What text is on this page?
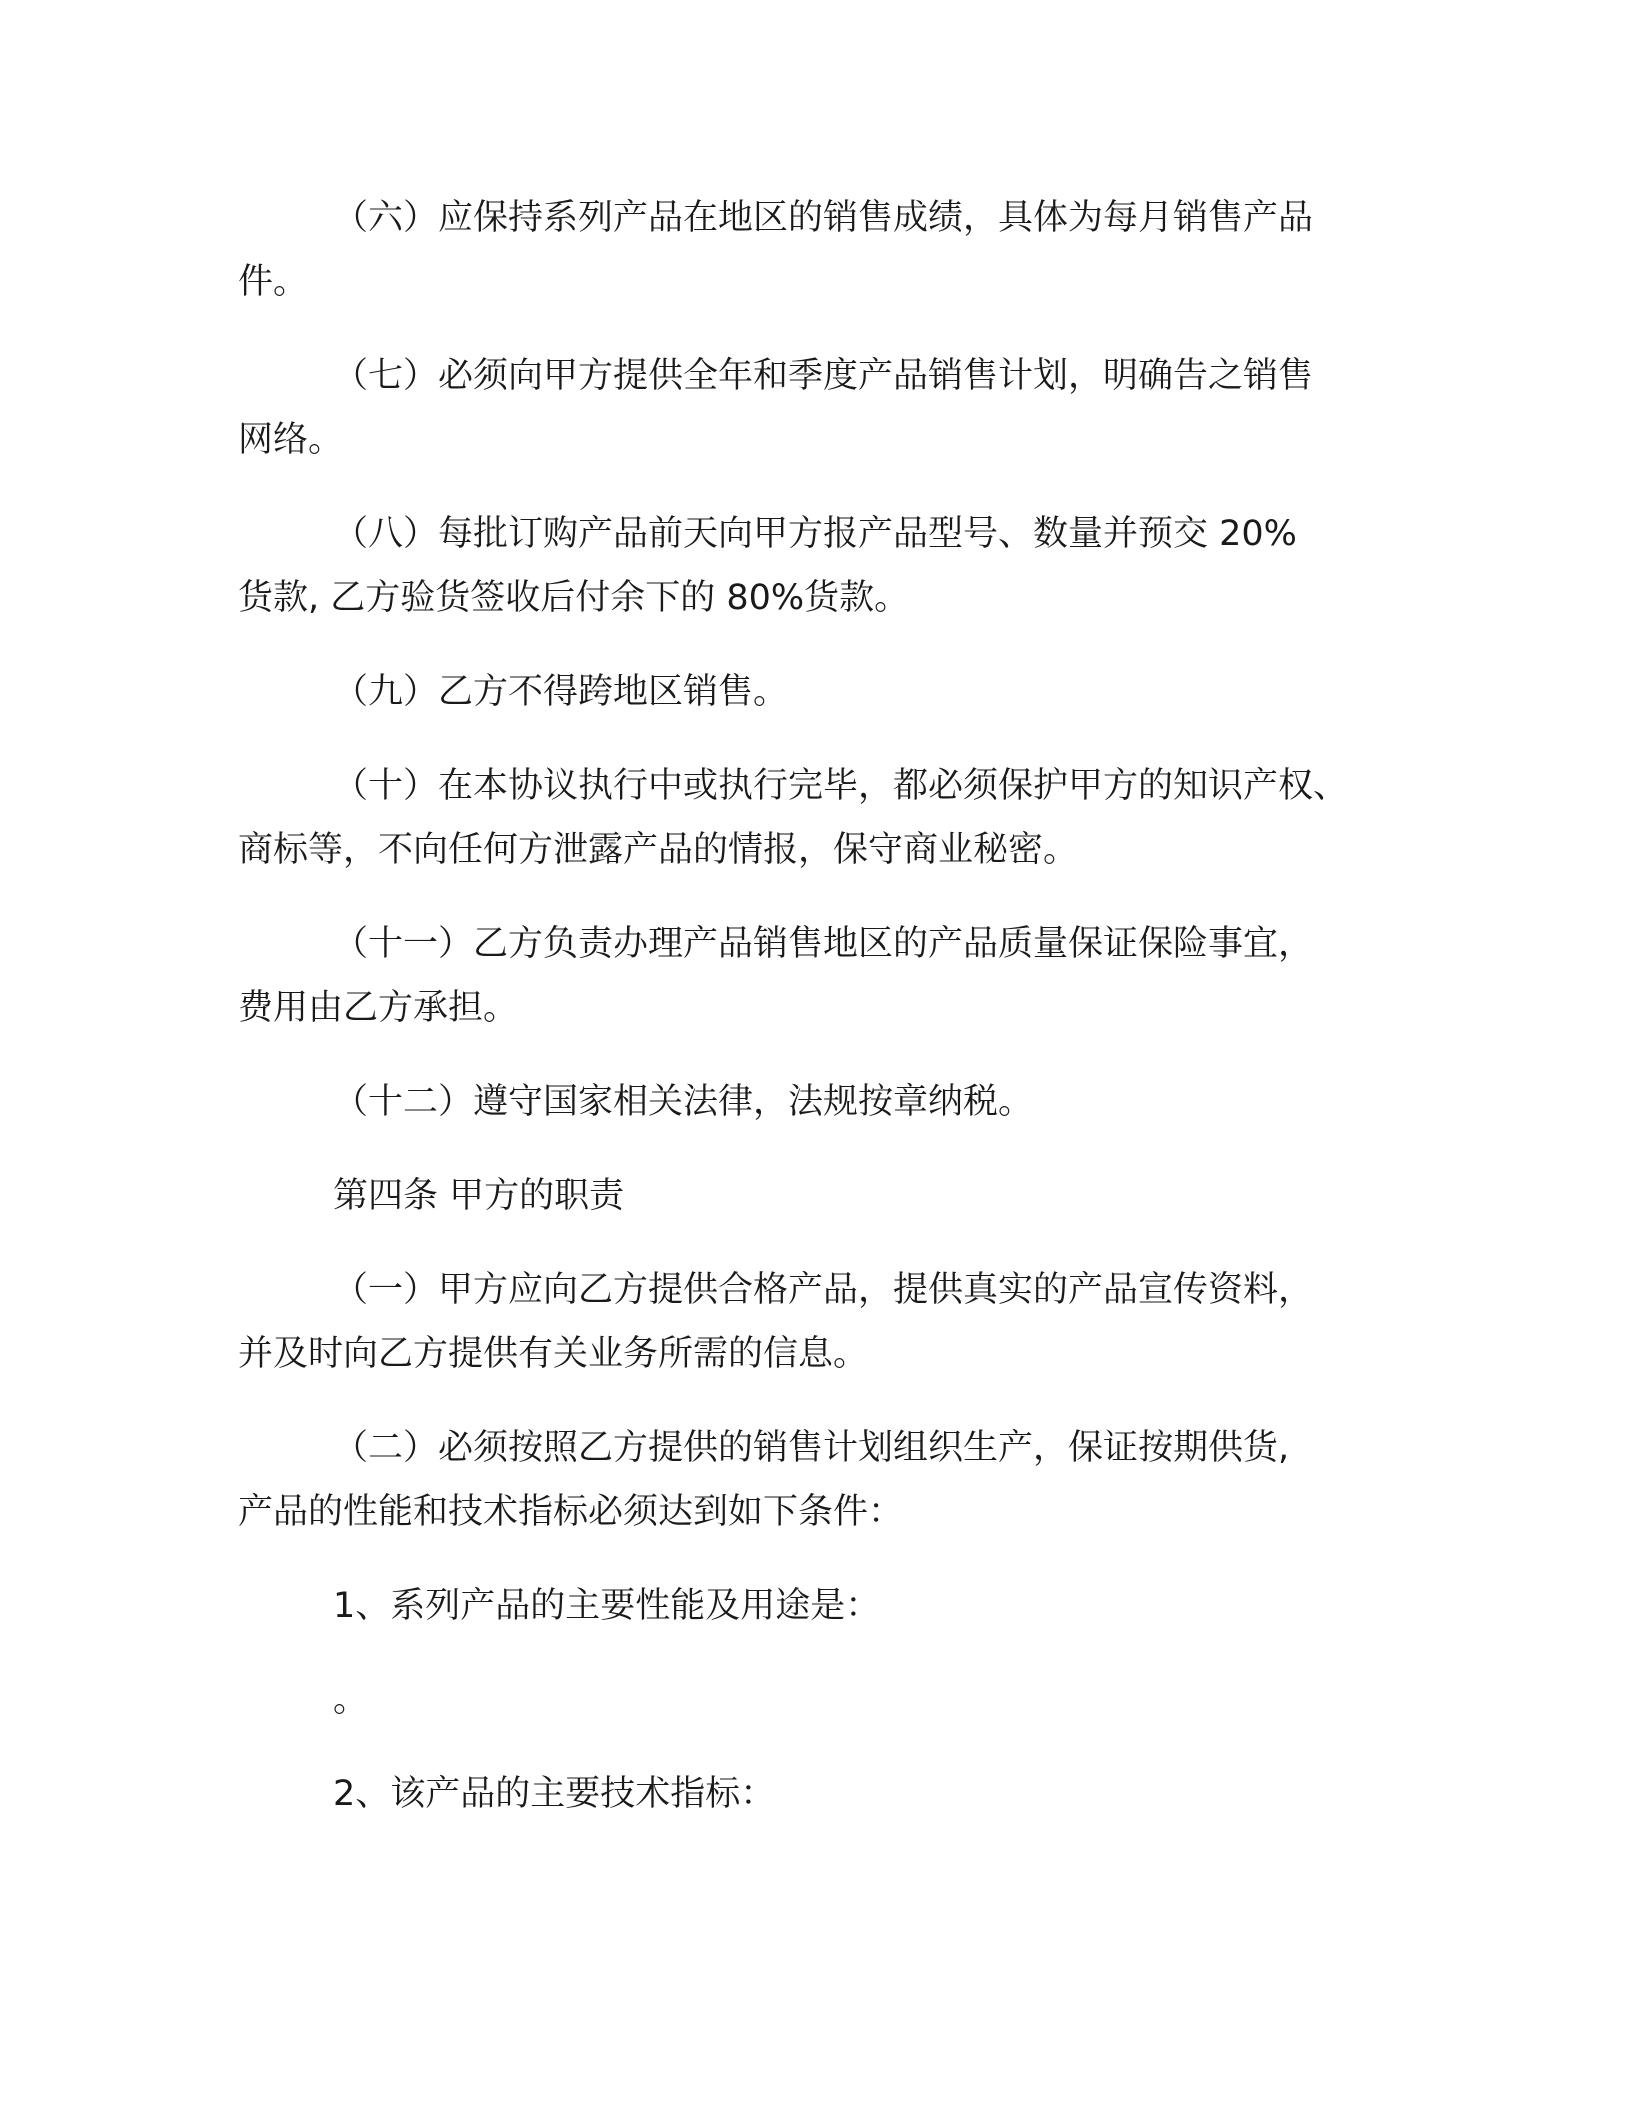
（六）应保持系列产品在地区的销售成绩，具体为每月销售产品
件。
（七）必须向甲方提供全年和季度产品销售计划，明确告之销售
网络。
（八）每批订购产品前天向甲方报产品型号、数量并预交 20%
货款, 乙方验货签收后付余下的 80%货款。
（九）乙方不得跨地区销售。
（十）在本协议执行中或执行完毕，都必须保护甲方的知识产权、
商标等，不向任何方泄露产品的情报，保守商业秘密。
（十一）乙方负责办理产品销售地区的产品质量保证保险事宜，
费用由乙方承担。
（十二）遵守国家相关法律，法规按章纳税。
第四条 甲方的职责
（一）甲方应向乙方提供合格产品，提供真实的产品宣传资料，
并及时向乙方提供有关业务所需的信息。
（二）必须按照乙方提供的销售计划组织生产，保证按期供货,
产品的性能和技术指标必须达到如下条件：
1、系列产品的主要性能及用途是：
。
2、该产品的主要技术指标：
